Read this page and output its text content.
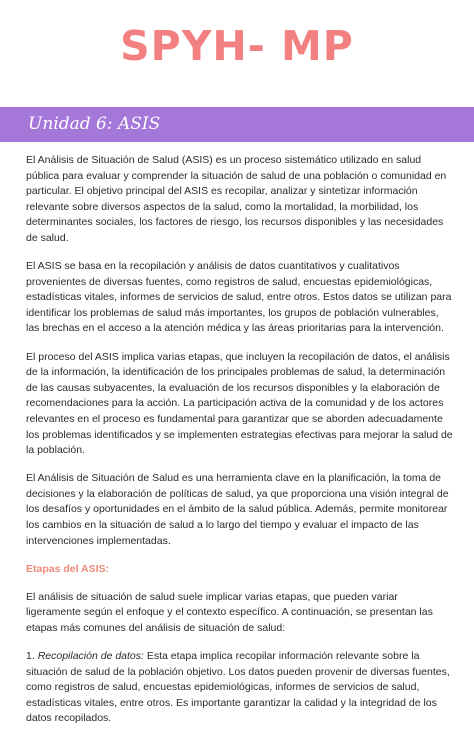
SPYH- MP
Unidad 6: ASIS

El Análisis de Situación de Salud (ASIS) es un proceso sistemático utilizado en salud pública para evaluar y comprender la situación de salud de una población o comunidad en particular. El objetivo principal del ASIS es recopilar, analizar y sintetizar información relevante sobre diversos aspectos de la salud, como la mortalidad, la morbilidad, los determinantes sociales, los factores de riesgo, los recursos disponibles y las necesidades de salud.

El ASIS se basa en la recopilación y análisis de datos cuantitativos y cualitativos provenientes de diversas fuentes, como registros de salud, encuestas epidemiológicas, estadísticas vitales, informes de servicios de salud, entre otros. Estos datos se utilizan para identificar los problemas de salud más importantes, los grupos de población vulnerables, las brechas en el acceso a la atención médica y las áreas prioritarias para la intervención.

El proceso del ASIS implica varias etapas, que incluyen la recopilación de datos, el análisis de la información, la identificación de los principales problemas de salud, la determinación de las causas subyacentes, la evaluación de los recursos disponibles y la elaboración de recomendaciones para la acción. La participación activa de la comunidad y de los actores relevantes en el proceso es fundamental para garantizar que se aborden adecuadamente los problemas identificados y se implementen estrategias efectivas para mejorar la salud de la población.

El Análisis de Situación de Salud es una herramienta clave en la planificación, la toma de decisiones y la elaboración de políticas de salud, ya que proporciona una visión integral de los desafíos y oportunidades en el ámbito de la salud pública. Además, permite monitorear los cambios en la situación de salud a lo largo del tiempo y evaluar el impacto de las intervenciones implementadas.

Etapas del ASIS:

El análisis de situación de salud suele implicar varias etapas, que pueden variar ligeramente según el enfoque y el contexto específico. A continuación, se presentan las etapas más comunes del análisis de situación de salud:

1. Recopilación de datos: Esta etapa implica recopilar información relevante sobre la situación de salud de la población objetivo. Los datos pueden provenir de diversas fuentes, como registros de salud, encuestas epidemiológicas, informes de servicios de salud, estadísticas vitales, entre otros. Es importante garantizar la calidad y la integridad de los datos recopilados.
